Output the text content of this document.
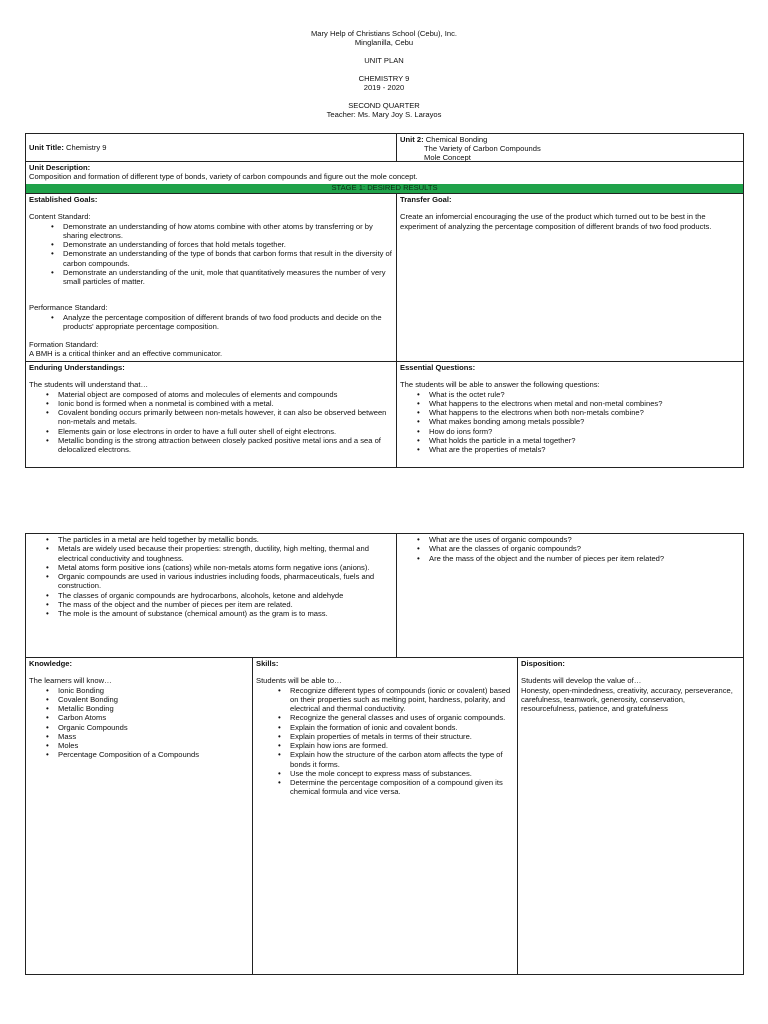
Mary Help of Christians School (Cebu), Inc.
Minglanilla, Cebu
UNIT PLAN
CHEMISTRY 9
2019 - 2020
SECOND QUARTER
Teacher: Ms. Mary Joy S. Larayos
Unit Title: Chemistry 9
Unit 2: Chemical Bonding
The Variety of Carbon Compounds
Mole Concept
Unit Description:
Composition and formation of different type of bonds, variety of carbon compounds and figure out the mole concept.
STAGE 1: DESIRED RESULTS
Established Goals:
Content Standard:
• Demonstrate an understanding of how atoms combine with other atoms by transferring or by sharing electrons.
• Demonstrate an understanding of forces that hold metals together.
• Demonstrate an understanding of the type of bonds that carbon forms that result in the diversity of carbon compounds.
• Demonstrate an understanding of the unit, mole that quantitatively measures the number of very small particles of matter.
Performance Standard:
• Analyze the percentage composition of different brands of two food products and decide on the products' appropriate percentage composition.
Formation Standard:
A BMH is a critical thinker and an effective communicator.
Transfer Goal:
Create an infomercial encouraging the use of the product which turned out to be best in the experiment of analyzing the percentage composition of different brands of two food products.
Enduring Understandings:
The students will understand that…
• Material object are composed of atoms and molecules of elements and compounds
• Ionic bond is formed when a nonmetal is combined with a metal.
• Covalent bonding occurs primarily between non-metals however, it can also be observed between non-metals and metals.
• Elements gain or lose electrons in order to have a full outer shell of eight electrons.
• Metallic bonding is the strong attraction between closely packed positive metal ions and a sea of delocalized electrons.
Essential Questions:
The students will be able to answer the following questions:
• What is the octet rule?
• What happens to the electrons when metal and non-metal combines?
• What happens to the electrons when both non-metals combine?
• What makes bonding among metals possible?
• How do ions form?
• What holds the particle in a metal together?
• What are the properties of metals?
• The particles in a metal are held together by metallic bonds.
• Metals are widely used because their properties: strength, ductility, high melting, thermal and electrical conductivity and toughness.
• Metal atoms form positive ions (cations) while non-metals atoms form negative ions (anions).
• Organic compounds are used in various industries including foods, pharmaceuticals, fuels and construction.
• The classes of organic compounds are hydrocarbons, alcohols, ketone and aldehyde
• The mass of the object and the number of pieces per item are related.
• The mole is the amount of substance (chemical amount) as the gram is to mass.
• What are the uses of organic compounds?
• What are the classes of organic compounds?
• Are the mass of the object and the number of pieces per item related?
Knowledge:
The learners will know…
• Ionic Bonding
• Covalent Bonding
• Metallic Bonding
• Carbon Atoms
• Organic Compounds
• Mass
• Moles
• Percentage Composition of a Compounds
Skills:
Students will be able to…
• Recognize different types of compounds (ionic or covalent) based on their properties such as melting point, hardness, polarity, and electrical and thermal conductivity.
• Recognize the general classes and uses of organic compounds.
• Explain the formation of ionic and covalent bonds.
• Explain properties of metals in terms of their structure.
• Explain how ions are formed.
• Explain how the structure of the carbon atom affects the type of bonds it forms.
• Use the mole concept to express mass of substances.
• Determine the percentage composition of a compound given its chemical formula and vice versa.
Disposition:
Students will develop the value of…
Honesty, open-mindedness, creativity, accuracy, perseverance, carefulness, teamwork, generosity, conservation, resourcefulness, patience, and gratefulness
